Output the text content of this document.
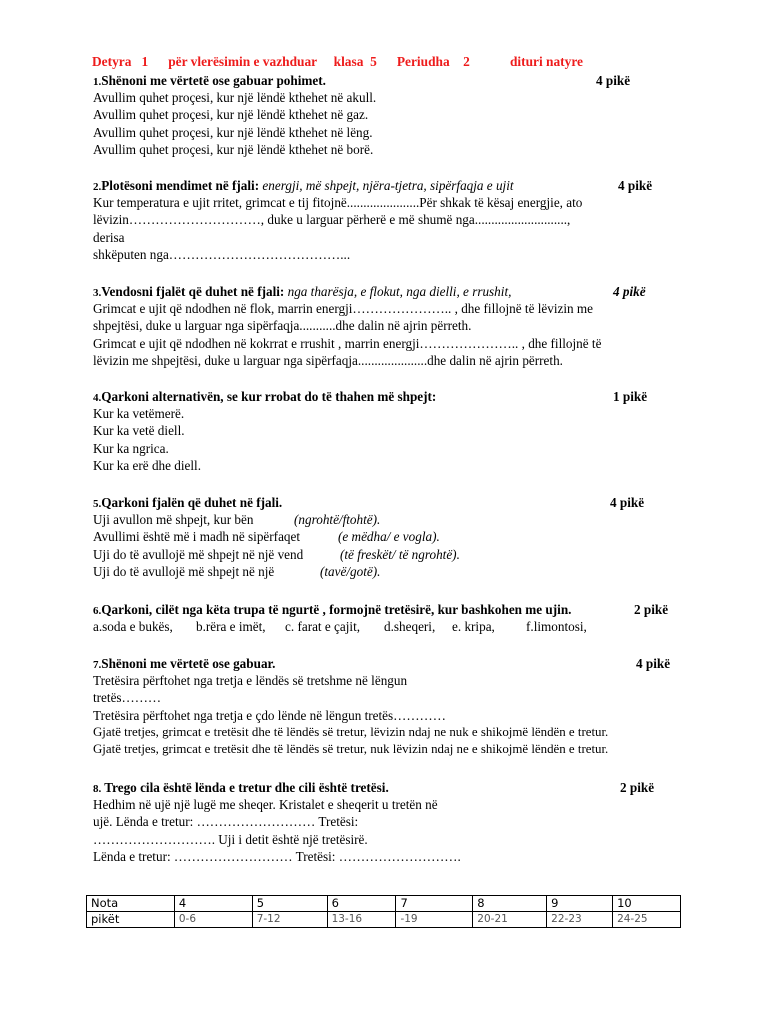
Detyra   1      për vlerësimin e vazhduar     klasa  5      Periudha    2            dituri natyre
1.Shënoni me vërtetë ose gabuar pohimet.	4 pikë
Avullim quhet proçesi, kur një lëndë kthehet në akull.
Avullim quhet proçesi, kur një lëndë kthehet në gaz.
Avullim quhet proçesi, kur një lëndë kthehet në lëng.
Avullim quhet proçesi, kur një lëndë kthehet në borë.
2.Plotësoni mendimet në fjali: energji, më shpejt, njëra-tjetra, sipërfaqja e ujit	4 pikë
Kur temperatura e ujit rritet, grimcat e tij fitojnë......................Për shkak të kësaj energjie, ato
lëvizin…………………………, duke u larguar përherë e më shumë nga............................,
derisa
shkëputen nga…………………………………...
3.Vendosni fjalët që duhet në fjali: nga tharësja, e flokut, nga dielli, e rrushit,	4 pikë
Grimcat e ujit që ndodhen në flok, marrin energji………………….. , dhe fillojnë të lëvizin me
shpejtësi, duke u larguar nga sipërfaqja...........dhe dalin në ajrin përreth.
Grimcat e ujit që ndodhen në kokrrat e rrushit , marrin energji………………….. , dhe fillojnë të
lëvizin me shpejtësi, duke u larguar nga sipërfaqja.....................dhe dalin në ajrin përreth.
4.Qarkoni alternativën, se kur rrobat do të thahen më shpejt:	1 pikë
Kur ka vetëmerë.
Kur ka vetë diell.
Kur ka ngrica.
Kur ka erë dhe diell.
5.Qarkoni fjalën që duhet në fjali.	4 pikë
Uji avullon më shpejt, kur bën	(ngrohtë/ftohtë).
Avullimi është më i madh në sipërfaqet	(e mëdha/ e vogla).
Uji do të avullojë më shpejt në një vend	(të freskët/ të ngrohtë).
Uji do të avullojë më shpejt në një	(tavë/gotë).
6.Qarkoni, cilët nga këta trupa të ngurtë , formojnë tretësirë, kur bashkohen me ujin.	2 pikë
a.soda e bukës, b.rëra e imët, c. farat e çajit, d.sheqeri, e. kripa, f.limontosi,
7.Shënoni me vërtetë ose gabuar.	4 pikë
Tretësira përftohet nga tretja e lëndës së tretshme në lëngun
tretës………
Tretësira përftohet nga tretja e çdo lënde në lëngun tretës…………
Gjatë tretjes, grimcat e tretësit dhe të lëndës së tretur, lëvizin ndaj ne nuk e shikojmë lëndën e tretur.
Gjatë tretjes, grimcat e tretësit dhe të lëndës së tretur, nuk lëvizin ndaj ne e shikojmë lëndën e tretur.
8. Trego cila është lënda e tretur dhe cili është tretësi.	2 pikë
Hedhim në ujë një lugë me sheqer. Kristalet e sheqerit u tretën në
ujë. Lënda e tretur: ……………………… Tretësi:
………………………. Uji i detit është një tretësirë.
Lënda e tretur: ……………………… Tretësi: ……………………….
Nota	4	5	6	7	8	9	10
pikët	0-6	7-12	13-16	-19	20-21	22-23	24-25
